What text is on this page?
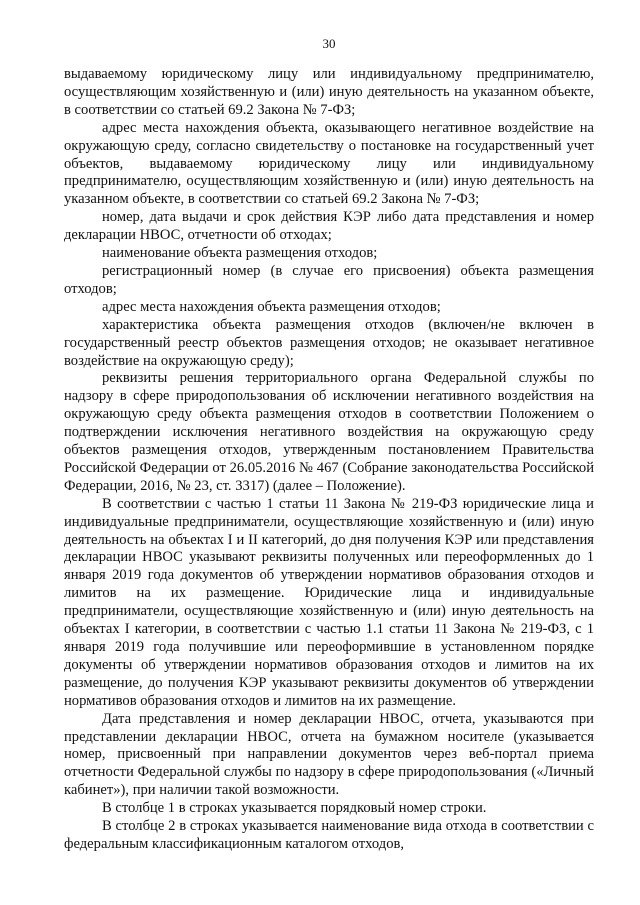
30

выдаваемому юридическому лицу или индивидуальному предпринимателю, осуществляющим хозяйственную и (или) иную деятельность на указанном объекте, в соответствии со статьей 69.2 Закона № 7-ФЗ;

адрес места нахождения объекта, оказывающего негативное воздействие на окружающую среду, согласно свидетельству о постановке на государственный учет объектов, выдаваемому юридическому лицу или индивидуальному предпринимателю, осуществляющим хозяйственную и (или) иную деятельность на указанном объекте, в соответствии со статьей 69.2 Закона № 7-ФЗ;

номер, дата выдачи и срок действия КЭР либо дата представления и номер декларации НВОС, отчетности об отходах;

наименование объекта размещения отходов;

регистрационный номер (в случае его присвоения) объекта размещения отходов;

адрес места нахождения объекта размещения отходов;

характеристика объекта размещения отходов (включен/не включен в государственный реестр объектов размещения отходов; не оказывает негативное воздействие на окружающую среду);

реквизиты решения территориального органа Федеральной службы по надзору в сфере природопользования об исключении негативного воздействия на окружающую среду объекта размещения отходов в соответствии Положением о подтверждении исключения негативного воздействия на окружающую среду объектов размещения отходов, утвержденным постановлением Правительства Российской Федерации от 26.05.2016 № 467 (Собрание законодательства Российской Федерации, 2016, № 23, ст. 3317) (далее – Положение).

В соответствии с частью 1 статьи 11 Закона № 219-ФЗ юридические лица и индивидуальные предприниматели, осуществляющие хозяйственную и (или) иную деятельность на объектах I и II категорий, до дня получения КЭР или представления декларации НВОС указывают реквизиты полученных или переоформленных до 1 января 2019 года документов об утверждении нормативов образования отходов и лимитов на их размещение. Юридические лица и индивидуальные предприниматели, осуществляющие хозяйственную и (или) иную деятельность на объектах I категории, в соответствии с частью 1.1 статьи 11 Закона № 219-ФЗ, с 1 января 2019 года получившие или переоформившие в установленном порядке документы об утверждении нормативов образования отходов и лимитов на их размещение, до получения КЭР указывают реквизиты документов об утверждении нормативов образования отходов и лимитов на их размещение.

Дата представления и номер декларации НВОС, отчета, указываются при представлении декларации НВОС, отчета на бумажном носителе (указывается номер, присвоенный при направлении документов через веб-портал приема отчетности Федеральной службы по надзору в сфере природопользования («Личный кабинет»), при наличии такой возможности.

В столбце 1 в строках указывается порядковый номер строки.

В столбце 2 в строках указывается наименование вида отхода в соответствии с федеральным классификационным каталогом отходов,
